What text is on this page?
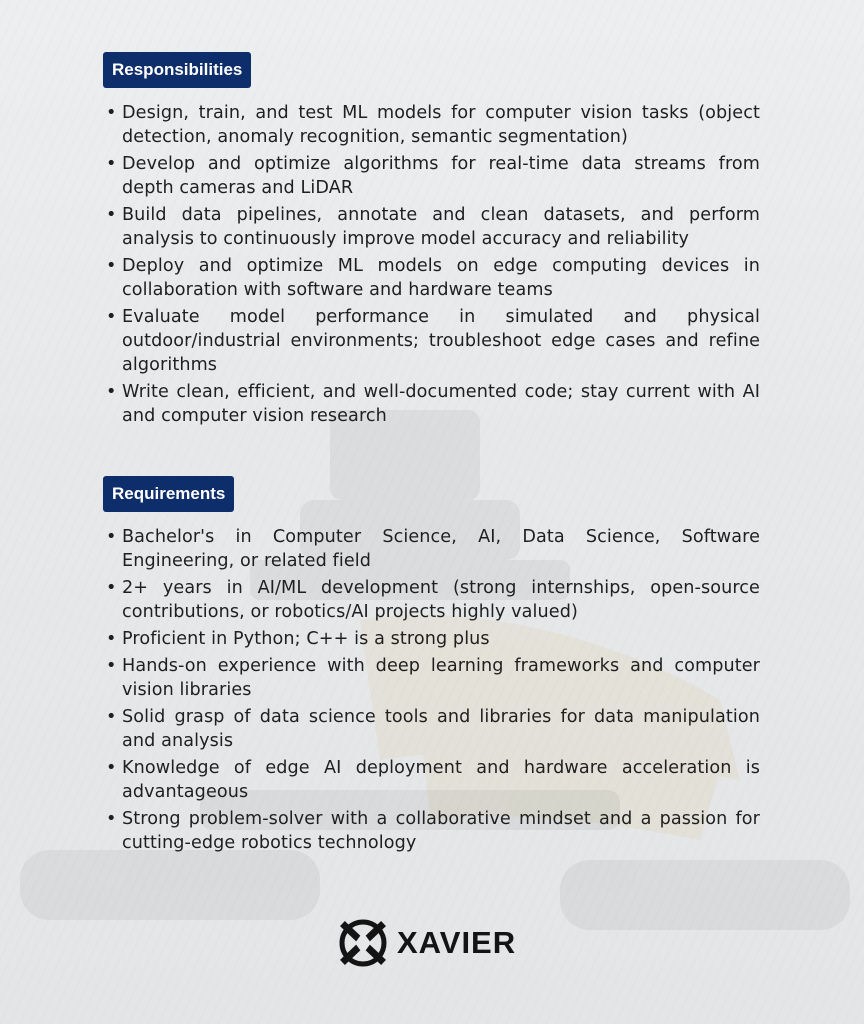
Responsibilities
• Design, train, and test ML models for computer vision tasks (object detection, anomaly recognition, semantic segmentation)
• Develop and optimize algorithms for real-time data streams from depth cameras and LiDAR
• Build data pipelines, annotate and clean datasets, and perform analysis to continuously improve model accuracy and reliability
• Deploy and optimize ML models on edge computing devices in collaboration with software and hardware teams
• Evaluate model performance in simulated and physical outdoor/industrial environments; troubleshoot edge cases and refine algorithms
• Write clean, efficient, and well-documented code; stay current with AI and computer vision research
Requirements
• Bachelor's in Computer Science, AI, Data Science, Software Engineering, or related field
• 2+ years in AI/ML development (strong internships, open-source contributions, or robotics/AI projects highly valued)
• Proficient in Python; C++ is a strong plus
• Hands-on experience with deep learning frameworks and computer vision libraries
• Solid grasp of data science tools and libraries for data manipulation and analysis
• Knowledge of edge AI deployment and hardware acceleration is advantageous
• Strong problem-solver with a collaborative mindset and a passion for cutting-edge robotics technology
XAVIER
